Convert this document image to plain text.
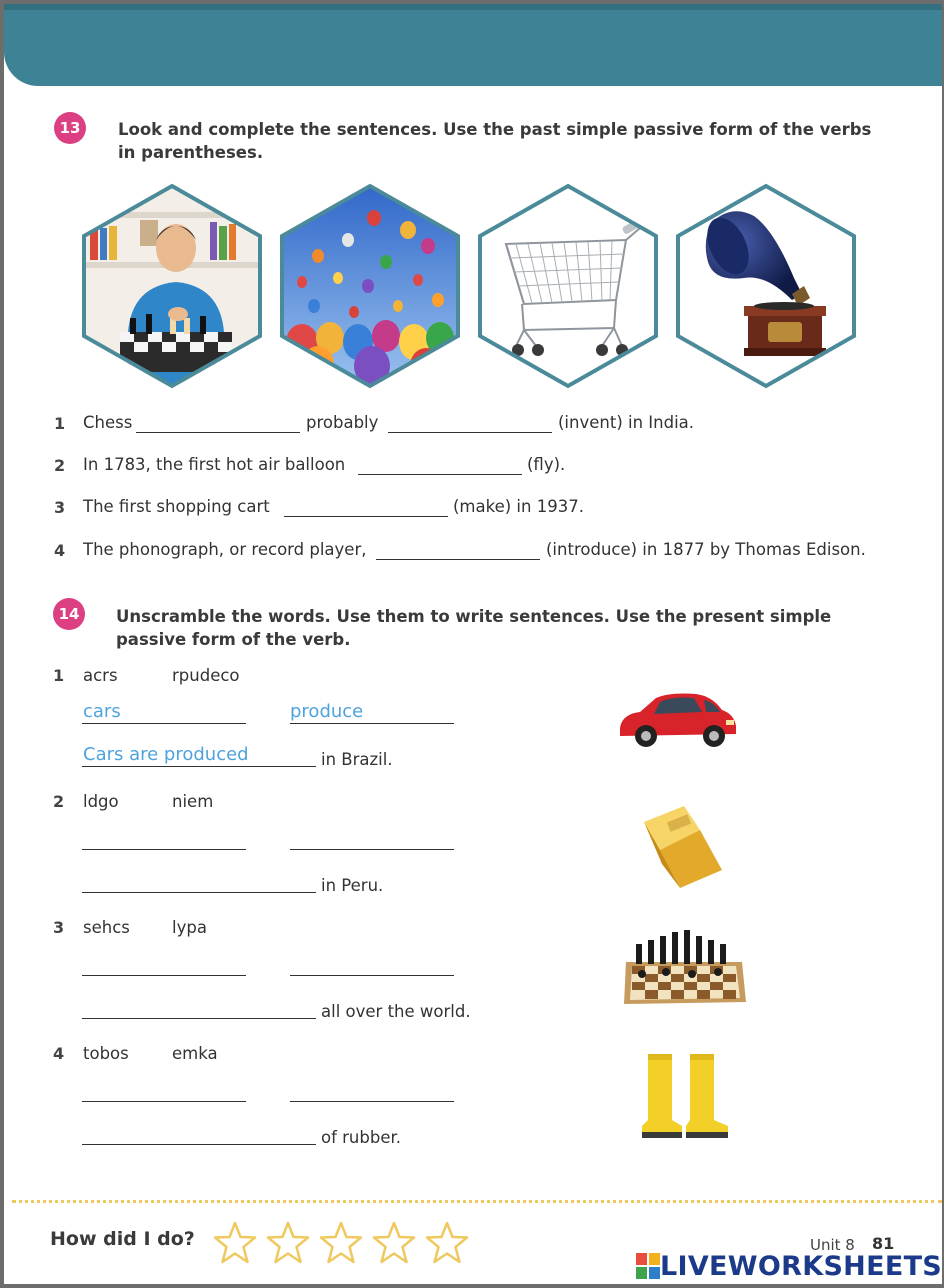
13	Look and complete the sentences. Use the past simple passive form of the verbs
in parentheses.
1 Chess	probably	(invent) in India.
2 In 1783, the first hot air balloon	(fly).
3 The first shopping cart	(make) in 1937.
4 The phonograph, or record player,	(introduce) in 1877 by Thomas Edison.
14	Unscramble the words. Use them to write sentences. Use the present simple
passive form of the verb.
1 acrs	rpudeco
cars	produce
Cars are produced	in Brazil.
2 ldgo	niem
in Peru.
3 sehcs	lypa
all over the world.
4 tobos	emka
of rubber.
How did I do?	Unit 8 81
LIVEWORKSHEETS
